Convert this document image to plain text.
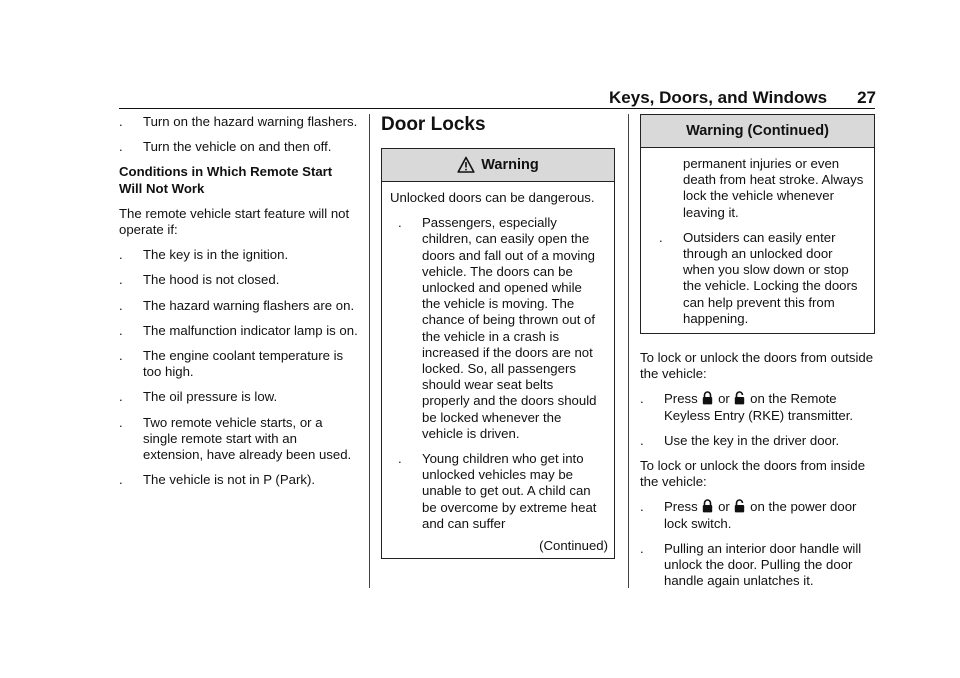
Keys, Doors, and Windows 27
.	Turn on the hazard warning flashers.
.	Turn the vehicle on and then off.
Conditions in Which Remote Start Will Not Work

The remote vehicle start feature will not operate if:

.	The key is in the ignition.
.	The hood is not closed.
.	The hazard warning flashers are on.
.	The malfunction indicator lamp is on.
.	The engine coolant temperature is too high.
.	The oil pressure is low.
.	Two remote vehicle starts, or a single remote start with an extension, have already been used.
.	The vehicle is not in P (Park).
Door Locks
Warning

Unlocked doors can be dangerous.

.	Passengers, especially children, can easily open the doors and fall out of a moving vehicle. The doors can be unlocked and opened while the vehicle is moving. The chance of being thrown out of the vehicle in a crash is increased if the doors are not locked. So, all passengers should wear seat belts properly and the doors should be locked whenever the vehicle is driven.
.	Young children who get into unlocked vehicles may be unable to get out. A child can be overcome by extreme heat and can suffer
(Continued)
Warning (Continued)

permanent injuries or even death from heat stroke. Always lock the vehicle whenever leaving it.

.	Outsiders can easily enter through an unlocked door when you slow down or stop the vehicle. Locking the doors can help prevent this from happening.

To lock or unlock the doors from outside the vehicle:

.	Press or on the Remote Keyless Entry (RKE) transmitter.
.	Use the key in the driver door.

To lock or unlock the doors from inside the vehicle:

.	Press or on the power door lock switch.
.	Pulling an interior door handle will unlock the door. Pulling the door handle again unlatches it.
